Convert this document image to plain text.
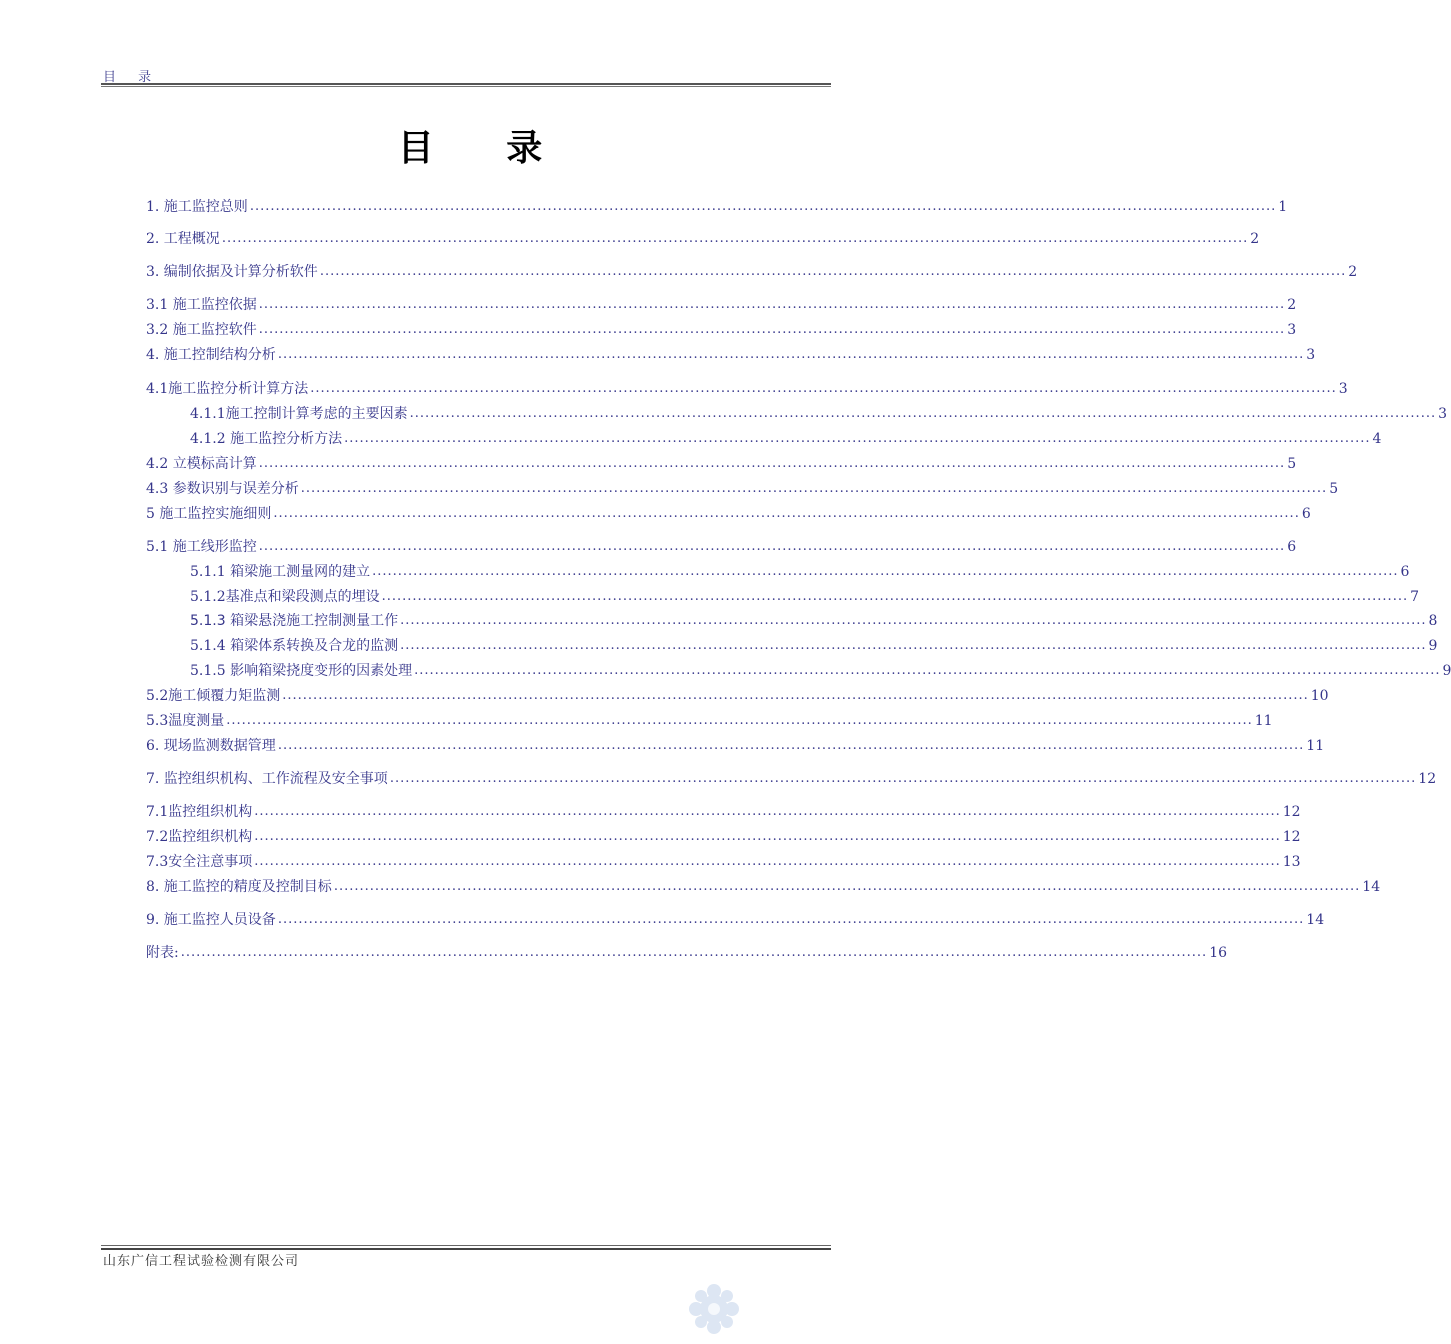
目 录
目 录
1. 施工监控总则 ........................................................................................................................................................................................................ 1
2. 工程概况 ........................................................................................................................................................................................................ 2
3. 编制依据及计算分析软件 ........................................................................................................................................................................................................ 2
3.1 施工监控依据 ........................................................................................................................................................................................................ 2
3.2 施工监控软件 ........................................................................................................................................................................................................ 3
4. 施工控制结构分析 ........................................................................................................................................................................................................ 3
4.1施工监控分析计算方法 ........................................................................................................................................................................................................ 3
4.1.1施工控制计算考虑的主要因素 ........................................................................................................................................................................................................ 3
4.1.2 施工监控分析方法 ........................................................................................................................................................................................................ 4
4.2 立模标高计算 ........................................................................................................................................................................................................ 5
4.3 参数识别与误差分析 ........................................................................................................................................................................................................ 5
5 施工监控实施细则 ........................................................................................................................................................................................................ 6
5.1 施工线形监控 ........................................................................................................................................................................................................ 6
5.1.1 箱梁施工测量网的建立 ........................................................................................................................................................................................................ 6
5.1.2基准点和梁段测点的埋设 ........................................................................................................................................................................................................ 7
5.1.3 箱梁悬浇施工控制测量工作 ........................................................................................................................................................................................................ 8
5.1.4 箱梁体系转换及合龙的监测 ........................................................................................................................................................................................................ 9
5.1.5 影响箱梁挠度变形的因素处理 ........................................................................................................................................................................................................ 9
5.2施工倾覆力矩监测 ........................................................................................................................................................................................................ 10
5.3温度测量 ........................................................................................................................................................................................................ 11
6. 现场监测数据管理 ........................................................................................................................................................................................................ 11
7. 监控组织机构、工作流程及安全事项 ........................................................................................................................................................................................................ 12
7.1监控组织机构 ........................................................................................................................................................................................................ 12
7.2监控组织机构 ........................................................................................................................................................................................................ 12
7.3安全注意事项 ........................................................................................................................................................................................................ 13
8. 施工监控的精度及控制目标 ........................................................................................................................................................................................................ 14
9. 施工监控人员设备 ........................................................................................................................................................................................................ 14
附表: ........................................................................................................................................................................................................ 16
山东广信工程试验检测有限公司
